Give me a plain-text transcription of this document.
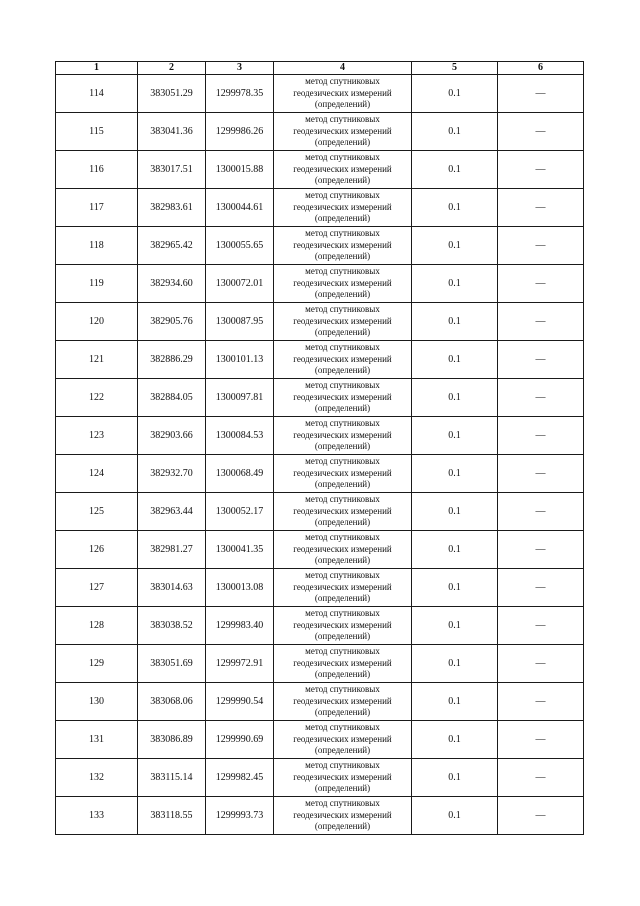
1	2	3	4	5	6
114	383051.29	1299978.35	метод спутниковых
геодезических измерений
(определений)	0.1	—
115	383041.36	1299986.26	метод спутниковых
геодезических измерений
(определений)	0.1	—
116	383017.51	1300015.88	метод спутниковых
геодезических измерений
(определений)	0.1	—
117	382983.61	1300044.61	метод спутниковых
геодезических измерений
(определений)	0.1	—
118	382965.42	1300055.65	метод спутниковых
геодезических измерений
(определений)	0.1	—
119	382934.60	1300072.01	метод спутниковых
геодезических измерений
(определений)	0.1	—
120	382905.76	1300087.95	метод спутниковых
геодезических измерений
(определений)	0.1	—
121	382886.29	1300101.13	метод спутниковых
геодезических измерений
(определений)	0.1	—
122	382884.05	1300097.81	метод спутниковых
геодезических измерений
(определений)	0.1	—
123	382903.66	1300084.53	метод спутниковых
геодезических измерений
(определений)	0.1	—
124	382932.70	1300068.49	метод спутниковых
геодезических измерений
(определений)	0.1	—
125	382963.44	1300052.17	метод спутниковых
геодезических измерений
(определений)	0.1	—
126	382981.27	1300041.35	метод спутниковых
геодезических измерений
(определений)	0.1	—
127	383014.63	1300013.08	метод спутниковых
геодезических измерений
(определений)	0.1	—
128	383038.52	1299983.40	метод спутниковых
геодезических измерений
(определений)	0.1	—
129	383051.69	1299972.91	метод спутниковых
геодезических измерений
(определений)	0.1	—
130	383068.06	1299990.54	метод спутниковых
геодезических измерений
(определений)	0.1	—
131	383086.89	1299990.69	метод спутниковых
геодезических измерений
(определений)	0.1	—
132	383115.14	1299982.45	метод спутниковых
геодезических измерений
(определений)	0.1	—
133	383118.55	1299993.73	метод спутниковых
геодезических измерений
(определений)	0.1	—
